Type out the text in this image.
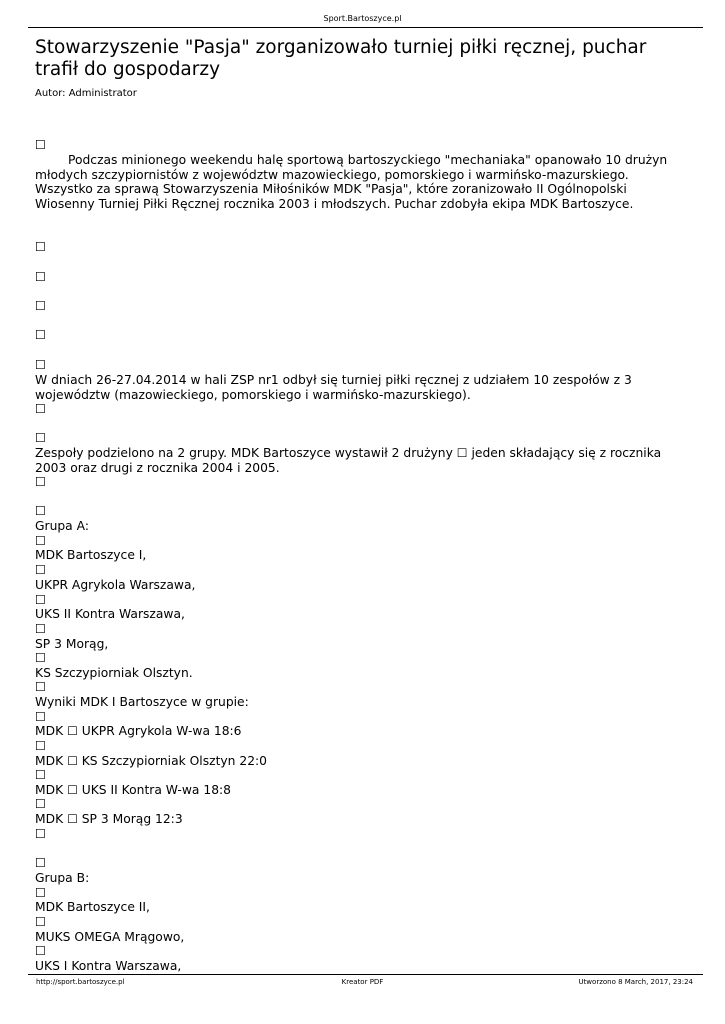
Sport.Bartoszyce.pl
Stowarzyszenie "Pasja" zorganizowało turniej piłki ręcznej, puchar trafił do gospodarzy
Autor: Administrator
☐
Podczas minionego weekendu halę sportową bartoszyckiego "mechaniaka" opanowało 10 drużyn
młodych szczypiornistów z województw mazowieckiego, pomorskiego i warmińsko-mazurskiego.
Wszystko za sprawą Stowarzyszenia Miłośników MDK "Pasja", które zoranizowało II Ogólnopolski
Wiosenny Turniej Piłki Ręcznej rocznika 2003 i młodszych. Puchar zdobyła ekipa MDK Bartoszyce.
☐
☐
☐
☐
☐
W dniach 26-27.04.2014 w hali ZSP nr1 odbył się turniej piłki ręcznej z udziałem 10 zespołów z 3
województw (mazowieckiego, pomorskiego i warmińsko-mazurskiego).
☐
☐
Zespoły podzielono na 2 grupy. MDK Bartoszyce wystawił 2 drużyny ☐ jeden składający się z rocznika
2003 oraz drugi z rocznika 2004 i 2005.
☐
☐
Grupa A:
☐
MDK Bartoszyce I,
☐
UKPR Agrykola Warszawa,
☐
UKS II Kontra Warszawa,
☐
SP 3 Morąg,
☐
KS Szczypiorniak Olsztyn.
☐
Wyniki MDK I Bartoszyce w grupie:
☐
MDK ☐ UKPR Agrykola W-wa 18:6
☐
MDK ☐ KS Szczypiorniak Olsztyn 22:0
☐
MDK ☐ UKS II Kontra W-wa 18:8
☐
MDK ☐ SP 3 Morąg 12:3
☐
☐
Grupa B:
☐
MDK Bartoszyce II,
☐
MUKS OMEGA Mrągowo,
☐
UKS I Kontra Warszawa,
http://sport.bartoszyce.pl	Kreator PDF	Utworzono 8 March, 2017, 23:24
